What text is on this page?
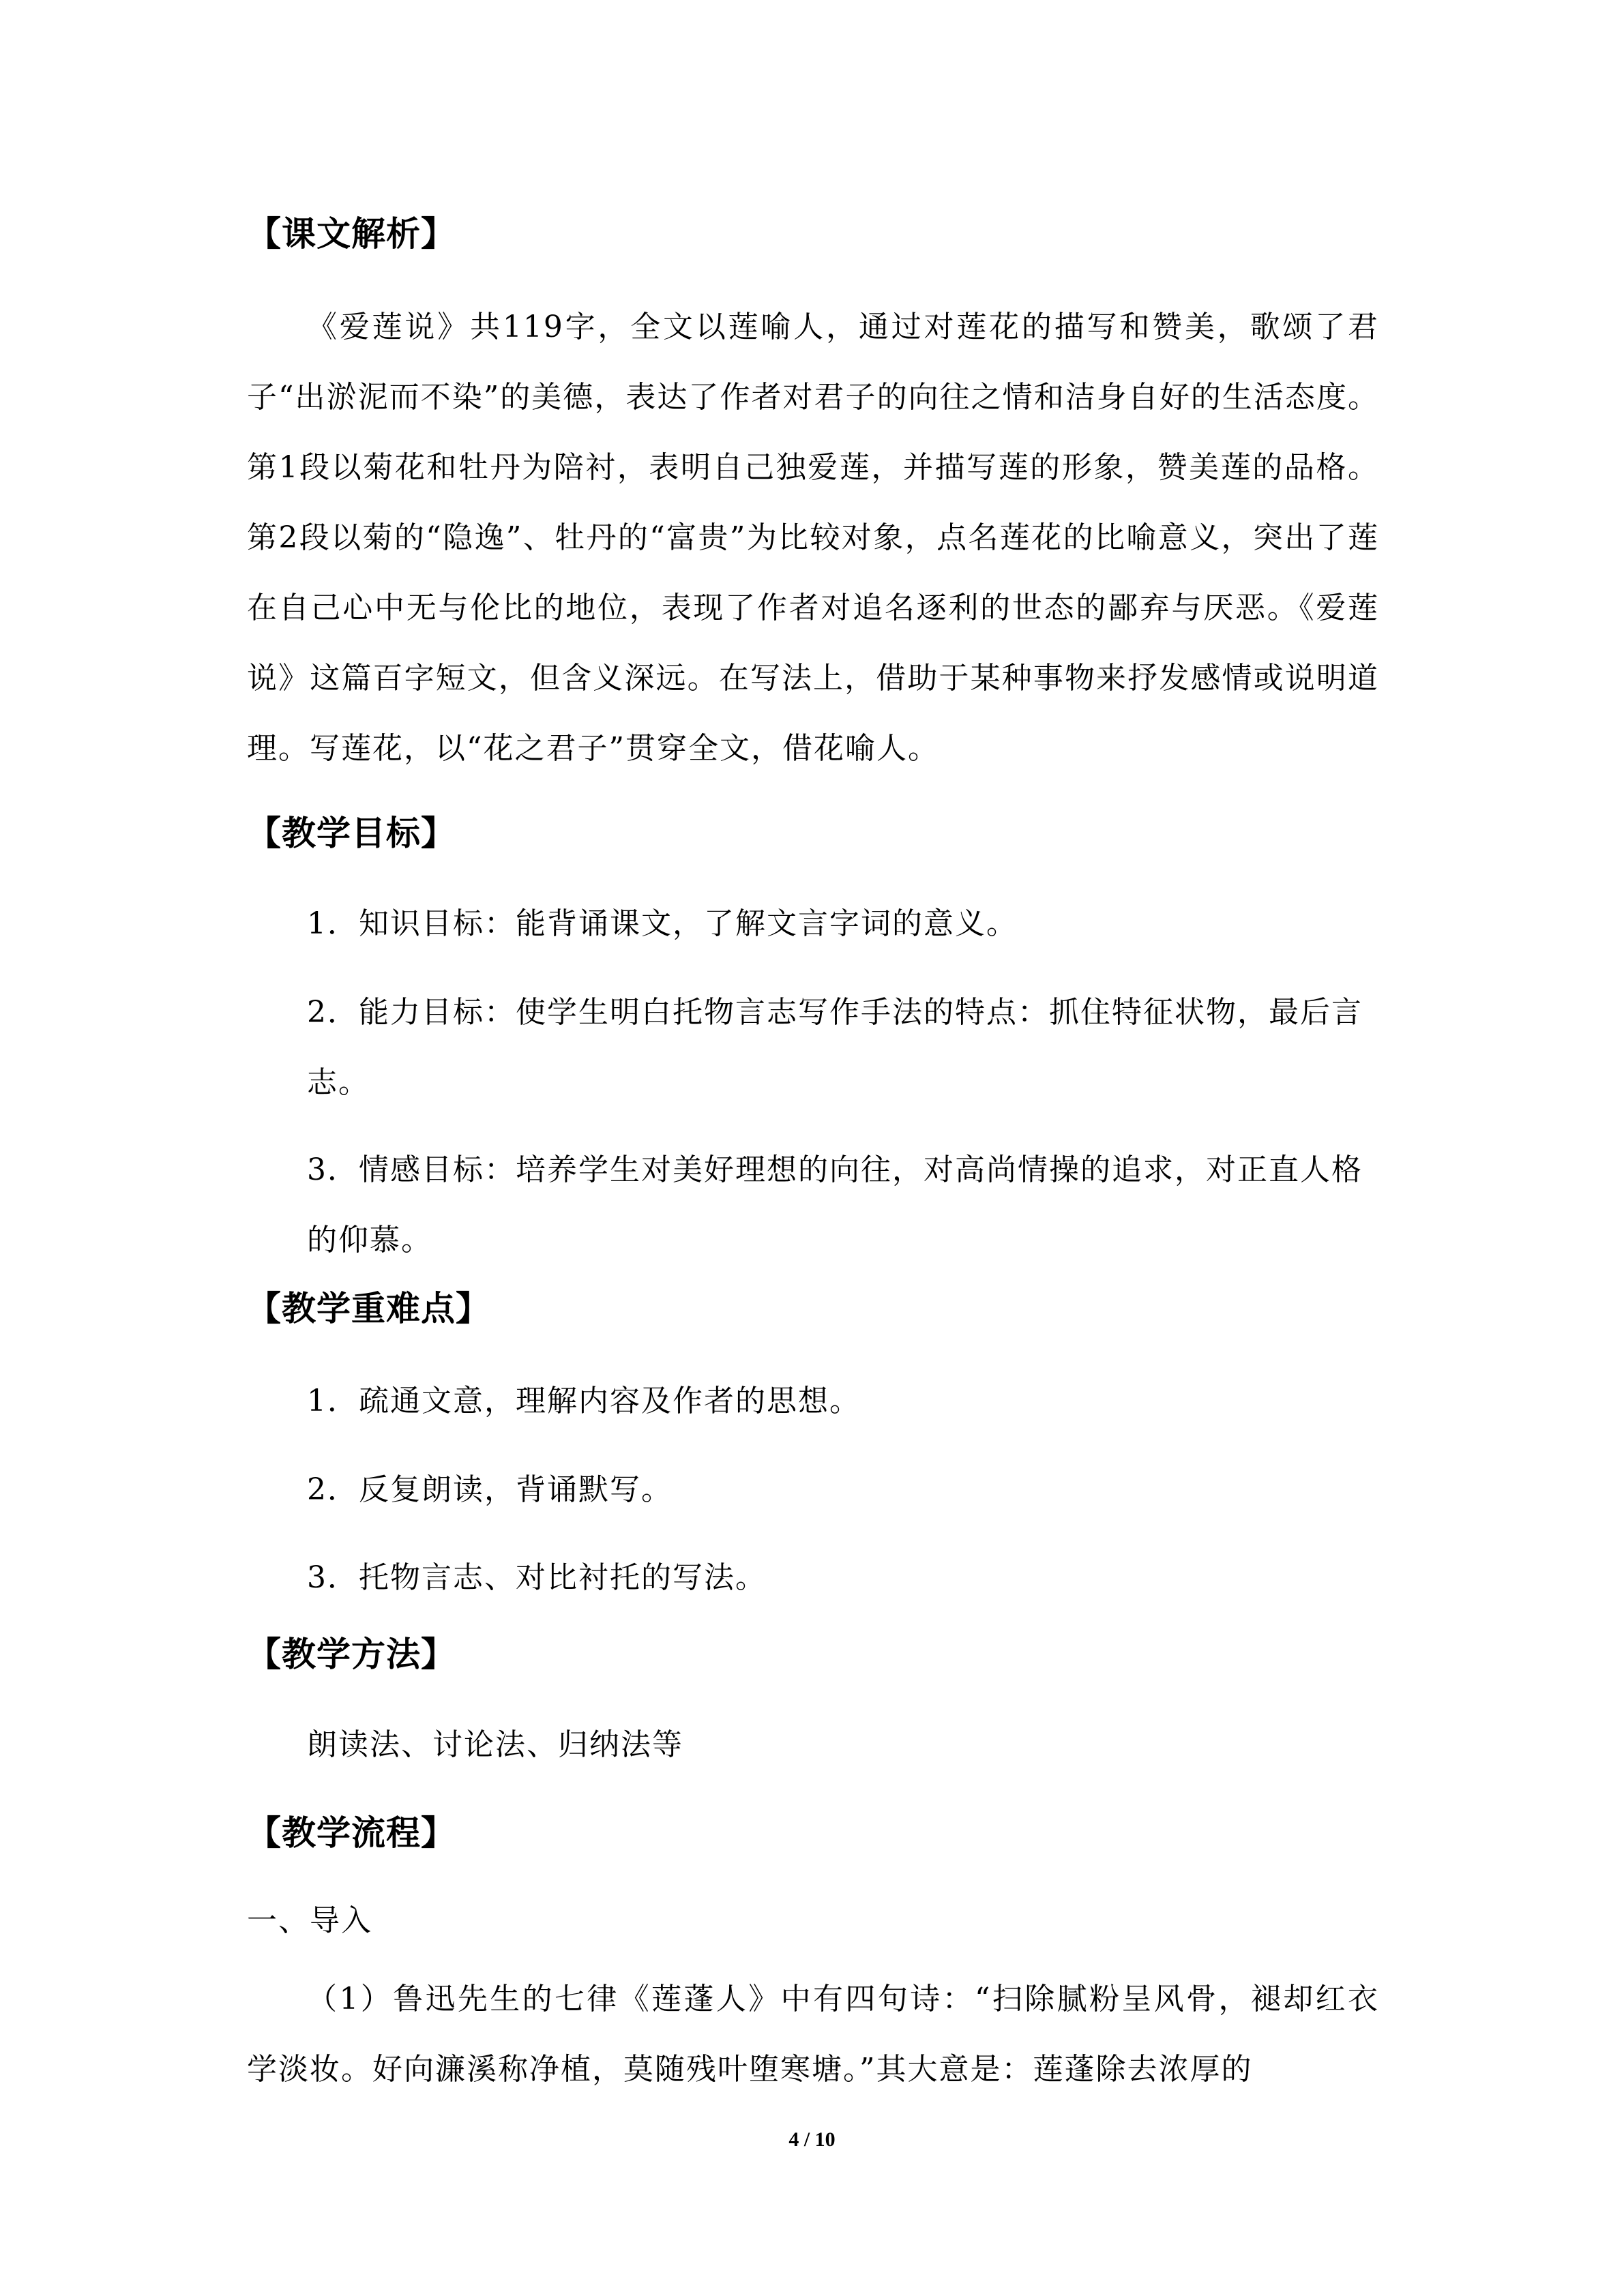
【课文解析】

《爱莲说》共119字，全文以莲喻人，通过对莲花的描写和赞美，歌颂了君子“出淤泥而不染”的美德，表达了作者对君子的向往之情和洁身自好的生活态度。第1段以菊花和牡丹为陪衬，表明自己独爱莲，并描写莲的形象，赞美莲的品格。第2段以菊的“隐逸”、牡丹的“富贵”为比较对象，点名莲花的比喻意义，突出了莲在自己心中无与伦比的地位，表现了作者对追名逐利的世态的鄙弃与厌恶。《爱莲说》这篇百字短文，但含义深远。在写法上，借助于某种事物来抒发感情或说明道理。写莲花，以“花之君子”贯穿全文，借花喻人。

【教学目标】

1．知识目标：能背诵课文，了解文言字词的意义。

2．能力目标：使学生明白托物言志写作手法的特点：抓住特征状物，最后言志。

3．情感目标：培养学生对美好理想的向往，对高尚情操的追求，对正直人格的仰慕。

【教学重难点】

1．疏通文意，理解内容及作者的思想。

2．反复朗读，背诵默写。

3．托物言志、对比衬托的写法。

【教学方法】

朗读法、讨论法、归纳法等

【教学流程】

一、导入

（1）鲁迅先生的七律《莲蓬人》中有四句诗：“扫除腻粉呈风骨，褪却红衣学淡妆。好向濂溪称净植，莫随残叶堕寒塘。”其大意是：莲蓬除去浓厚的

4 / 10
